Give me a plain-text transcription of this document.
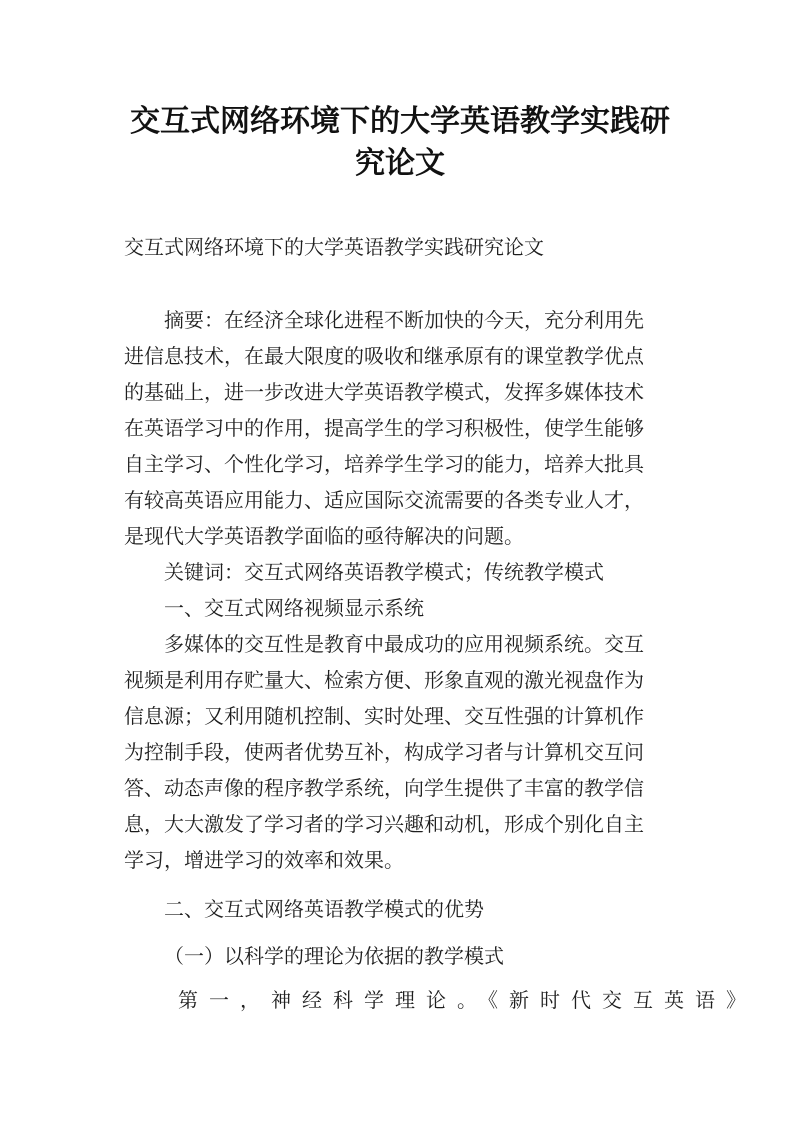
交互式网络环境下的大学英语教学实践研
究论文

交互式网络环境下的大学英语教学实践研究论文

摘要：在经济全球化进程不断加快的今天，充分利用先

进信息技术，在最大限度的吸收和继承原有的课堂教学优点

的基础上，进一步改进大学英语教学模式，发挥多媒体技术

在英语学习中的作用，提高学生的学习积极性，使学生能够

自主学习、个性化学习，培养学生学习的能力，培养大批具

有较高英语应用能力、适应国际交流需要的各类专业人才，

是现代大学英语教学面临的亟待解决的问题。

关键词：交互式网络英语教学模式；传统教学模式

一、交互式网络视频显示系统

多媒体的交互性是教育中最成功的应用视频系统。交互

视频是利用存贮量大、检索方便、形象直观的激光视盘作为

信息源；又利用随机控制、实时处理、交互性强的计算机作

为控制手段，使两者优势互补，构成学习者与计算机交互问

答、动态声像的程序教学系统，向学生提供了丰富的教学信

息，大大激发了学习者的学习兴趣和动机，形成个别化自主

学习，增进学习的效率和效果。

二、交互式网络英语教学模式的优势

（一）以科学的理论为依据的教学模式

第一，神经科学理论。《新时代交互英语》
